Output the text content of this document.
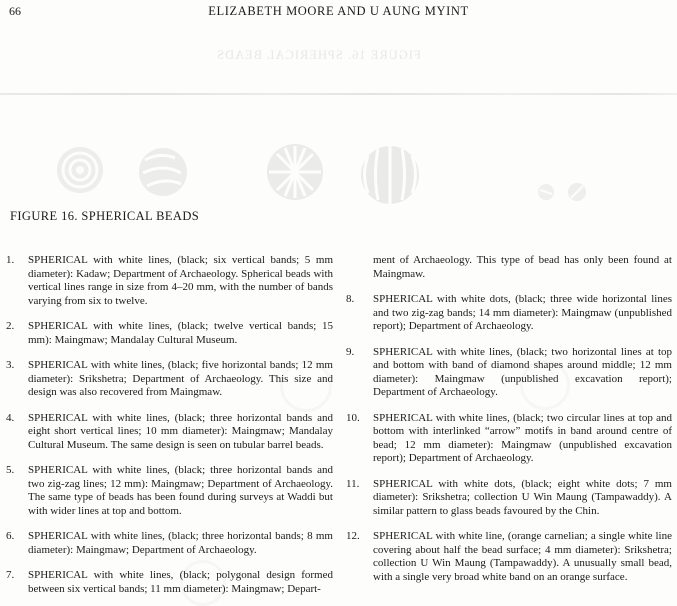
66	ELIZABETH MOORE AND U AUNG MYINT
FIGURE 16. SPHERICAL BEADS
FIGURE 16. SPHERICAL BEADS
1.	SPHERICAL with white lines, (black; six vertical bands; 5 mm diameter): Kadaw; Department of Archaeology. Spherical beads with vertical lines range in size from 4–20 mm, with the number of bands varying from six to twelve.

2.	SPHERICAL with white lines, (black; twelve vertical bands; 15 mm): Maingmaw; Mandalay Cultural Museum.

3.	SPHERICAL with white lines, (black; five horizontal bands; 12 mm diameter): Srikshetra; Department of Archaeology. This size and design was also recovered from Maingmaw.

4.	SPHERICAL with white lines, (black; three horizontal bands and eight short vertical lines; 10 mm diameter): Maingmaw; Mandalay Cultural Museum. The same design is seen on tubular barrel beads.

5.	SPHERICAL with white lines, (black; three horizontal bands and two zig-zag lines; 12 mm): Maingmaw; Department of Archaeology. The same type of beads has been found during surveys at Waddi but with wider lines at top and bottom.

6.	SPHERICAL with white lines, (black; three horizontal bands; 8 mm diameter): Maingmaw; Department of Archaeology.

7.	SPHERICAL with white lines, (black; polygonal design formed between six vertical bands; 11 mm diameter): Maingmaw; Depart-

ment of Archaeology. This type of bead has only been found at Maingmaw.

8.	SPHERICAL with white dots, (black; three wide horizontal lines and two zig-zag bands; 14 mm diameter): Maingmaw (unpublished report); Department of Archaeology.

9.	SPHERICAL with white lines, (black; two horizontal lines at top and bottom with band of diamond shapes around middle; 12 mm diameter): Maingmaw (unpublished excavation report); Department of Archaeology.

10.	SPHERICAL with white lines, (black; two circular lines at top and bottom with interlinked “arrow” motifs in band around centre of bead; 12 mm diameter): Maingmaw (unpublished excavation report); Department of Archaeology.

11.	SPHERICAL with white dots, (black; eight white dots; 7 mm diameter): Srikshetra; collection U Win Maung (Tampawaddy). A similar pattern to glass beads favoured by the Chin.

12.	SPHERICAL with white line, (orange carnelian; a single white line covering about half the bead surface; 4 mm diameter): Srikshetra; collection U Win Maung (Tampawaddy). A unusually small bead, with a single very broad white band on an orange surface.
